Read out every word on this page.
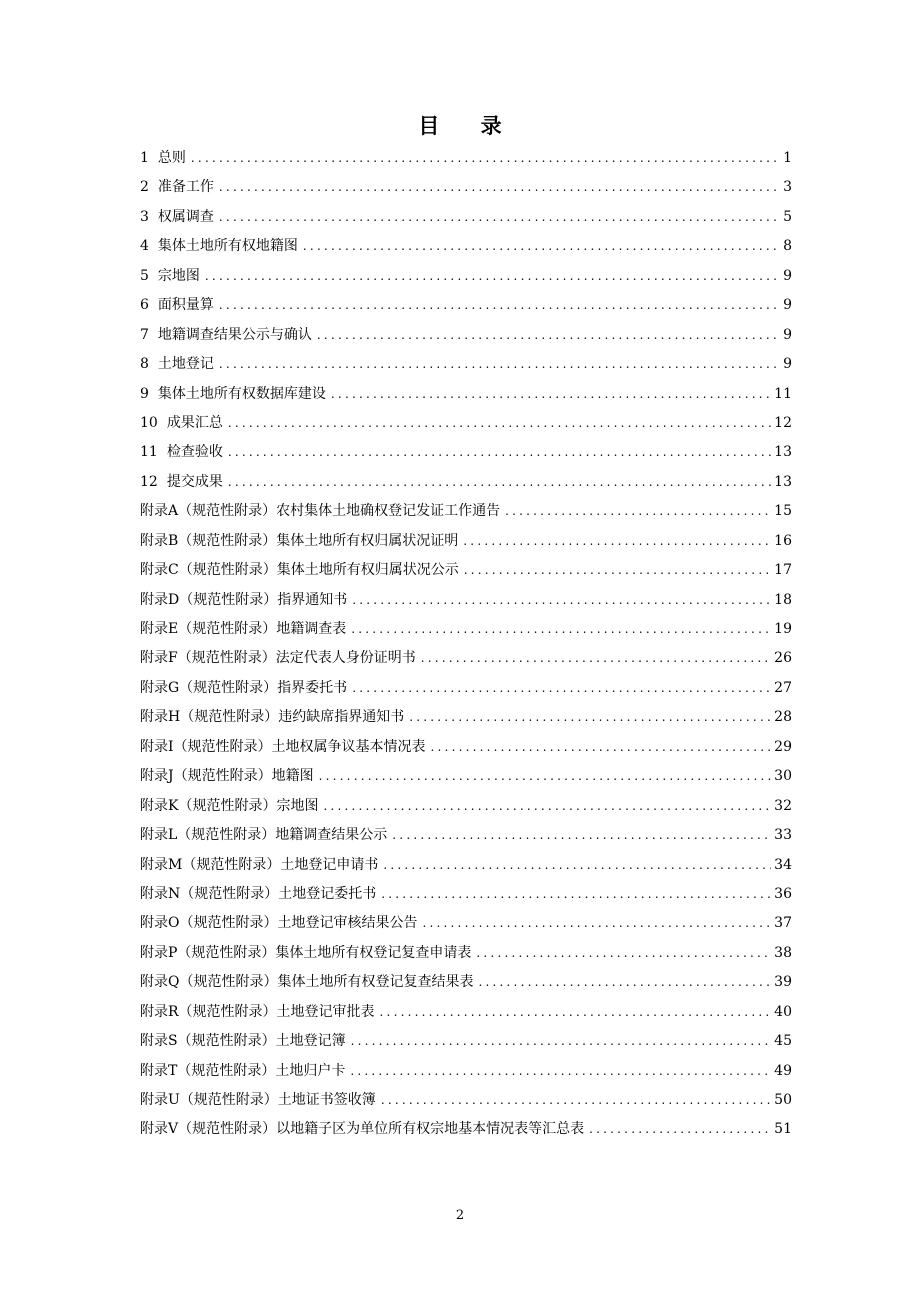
目 录
1 总则 .....	1
2 准备工作 .....	3
3 权属调查 .....	5
4 集体土地所有权地籍图 .....	8
5 宗地图 .....	9
6 面积量算 .....	9
7 地籍调查结果公示与确认 .....	9
8 土地登记 .....	9
9 集体土地所有权数据库建设 .....	11
10 成果汇总 .....	12
11 检查验收 .....	13
12 提交成果 .....	13
附录A（规范性附录）农村集体土地确权登记发证工作通告 .....	15
附录B（规范性附录）集体土地所有权归属状况证明 .....	16
附录C（规范性附录）集体土地所有权归属状况公示 .....	17
附录D（规范性附录）指界通知书 .....	18
附录E（规范性附录）地籍调查表 .....	19
附录F（规范性附录）法定代表人身份证明书 .....	26
附录G（规范性附录）指界委托书 .....	27
附录H（规范性附录）违约缺席指界通知书 .....	28
附录I（规范性附录）土地权属争议基本情况表 .....	29
附录J（规范性附录）地籍图 .....	30
附录K（规范性附录）宗地图 .....	32
附录L（规范性附录）地籍调查结果公示 .....	33
附录M（规范性附录）土地登记申请书 .....	34
附录N（规范性附录）土地登记委托书 .....	36
附录O（规范性附录）土地登记审核结果公告 .....	37
附录P（规范性附录）集体土地所有权登记复查申请表 .....	38
附录Q（规范性附录）集体土地所有权登记复查结果表 .....	39
附录R（规范性附录）土地登记审批表 .....	40
附录S（规范性附录）土地登记簿 .....	45
附录T（规范性附录）土地归户卡 .....	49
附录U（规范性附录）土地证书签收簿 .....	50
附录V（规范性附录）以地籍子区为单位所有权宗地基本情况表等汇总表 .....	51
2
